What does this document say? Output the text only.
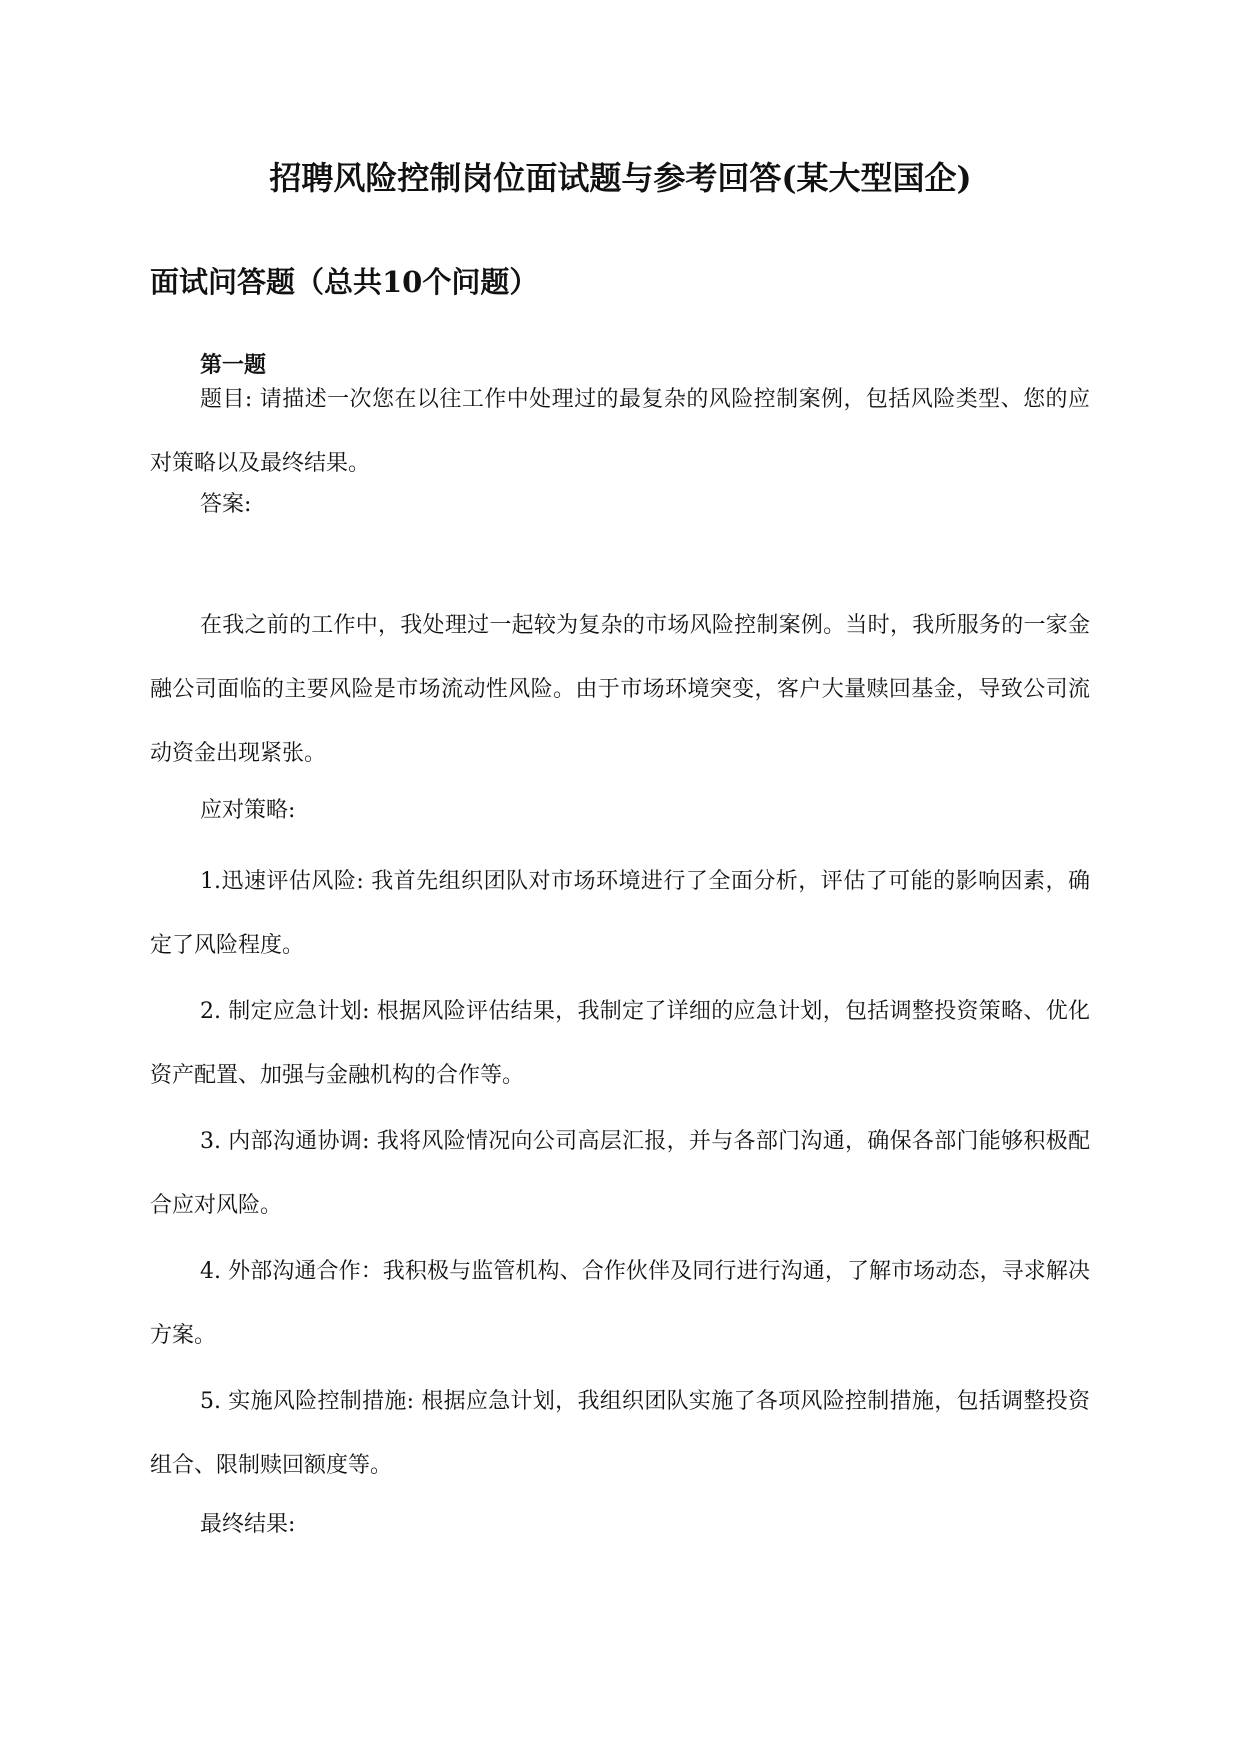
招聘风险控制岗位面试题与参考回答(某大型国企)
面试问答题（总共10个问题）
第一题

题目: 请描述一次您在以往工作中处理过的最复杂的风险控制案例，包括风险类型、您的应对策略以及最终结果。

答案:

在我之前的工作中，我处理过一起较为复杂的市场风险控制案例。当时，我所服务的一家金融公司面临的主要风险是市场流动性风险。由于市场环境突变，客户大量赎回基金，导致公司流动资金出现紧张。

应对策略:

1.迅速评估风险: 我首先组织团队对市场环境进行了全面分析，评估了可能的影响因素，确定了风险程度。

2. 制定应急计划: 根据风险评估结果，我制定了详细的应急计划，包括调整投资策略、优化资产配置、加强与金融机构的合作等。

3. 内部沟通协调: 我将风险情况向公司高层汇报，并与各部门沟通，确保各部门能够积极配合应对风险。

4. 外部沟通合作：我积极与监管机构、合作伙伴及同行进行沟通，了解市场动态，寻求解决方案。

5. 实施风险控制措施: 根据应急计划，我组织团队实施了各项风险控制措施，包括调整投资组合、限制赎回额度等。

最终结果:
